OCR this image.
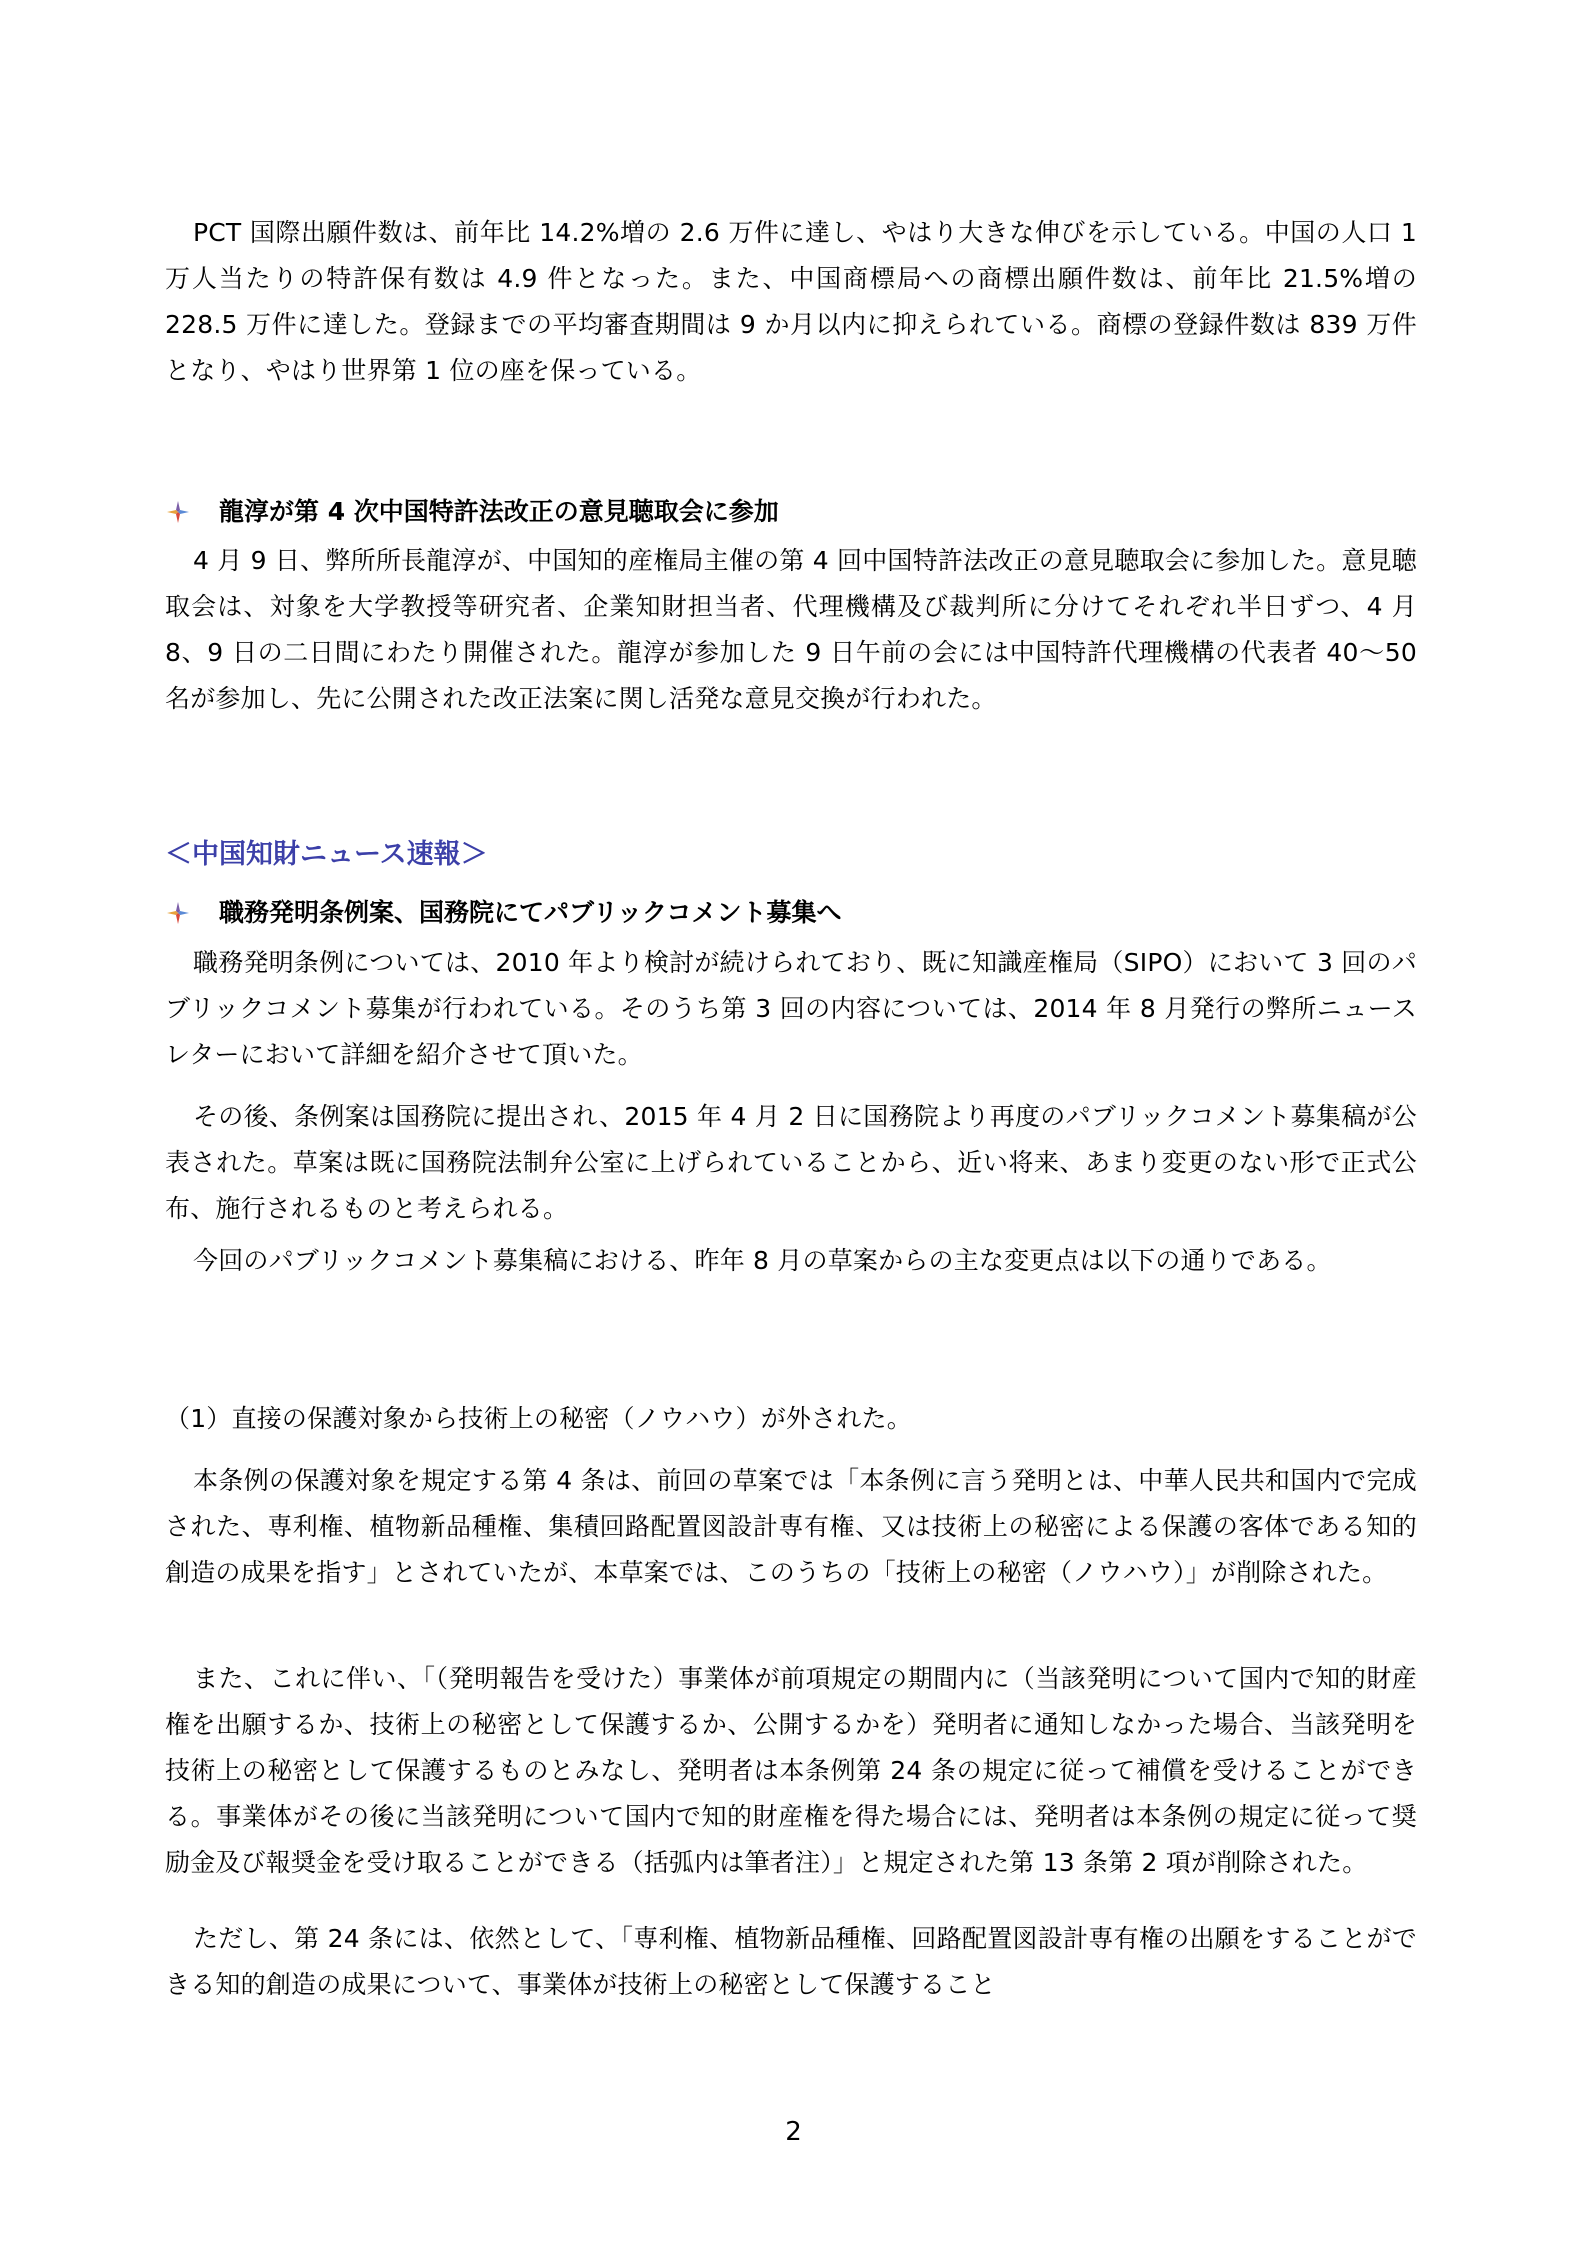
PCT 国際出願件数は、前年比 14.2%増の 2.6 万件に達し、やはり大きな伸びを示している。中国の人口 1 万人当たりの特許保有数は 4.9 件となった。また、中国商標局への商標出願件数は、前年比 21.5%増の 228.5 万件に達した。登録までの平均審査期間は 9 か月以内に抑えられている。商標の登録件数は 839 万件となり、やはり世界第 1 位の座を保っている。

龍淳が第 4 次中国特許法改正の意見聴取会に参加

4 月 9 日、弊所所長龍淳が、中国知的産権局主催の第 4 回中国特許法改正の意見聴取会に参加した。意見聴取会は、対象を大学教授等研究者、企業知財担当者、代理機構及び裁判所に分けてそれぞれ半日ずつ、4 月 8、9 日の二日間にわたり開催された。龍淳が参加した 9 日午前の会には中国特許代理機構の代表者 40～50 名が参加し、先に公開された改正法案に関し活発な意見交換が行われた。

＜中国知財ニュース速報＞
職務発明条例案、国務院にてパブリックコメント募集へ

職務発明条例については、2010 年より検討が続けられており、既に知識産権局（SIPO）において 3 回のパブリックコメント募集が行われている。そのうち第 3 回の内容については、2014 年 8 月発行の弊所ニュースレターにおいて詳細を紹介させて頂いた。

その後、条例案は国務院に提出され、2015 年 4 月 2 日に国務院より再度のパブリックコメント募集稿が公表された。草案は既に国務院法制弁公室に上げられていることから、近い将来、あまり変更のない形で正式公布、施行されるものと考えられる。

今回のパブリックコメント募集稿における、昨年 8 月の草案からの主な変更点は以下の通りである。

（1）直接の保護対象から技術上の秘密（ノウハウ）が外された。

本条例の保護対象を規定する第 4 条は、前回の草案では「本条例に言う発明とは、中華人民共和国内で完成された、専利権、植物新品種権、集積回路配置図設計専有権、又は技術上の秘密による保護の客体である知的創造の成果を指す」とされていたが、本草案では、このうちの「技術上の秘密（ノウハウ）」が削除された。

また、これに伴い、「（発明報告を受けた）事業体が前項規定の期間内に（当該発明について国内で知的財産権を出願するか、技術上の秘密として保護するか、公開するかを）発明者に通知しなかった場合、当該発明を技術上の秘密として保護するものとみなし、発明者は本条例第 24 条の規定に従って補償を受けることができる。事業体がその後に当該発明について国内で知的財産権を得た場合には、発明者は本条例の規定に従って奨励金及び報奨金を受け取ることができる（括弧内は筆者注）」と規定された第 13 条第 2 項が削除された。

ただし、第 24 条には、依然として、「専利権、植物新品種権、回路配置図設計専有権の出願をすることができる知的創造の成果について、事業体が技術上の秘密として保護すること

2
